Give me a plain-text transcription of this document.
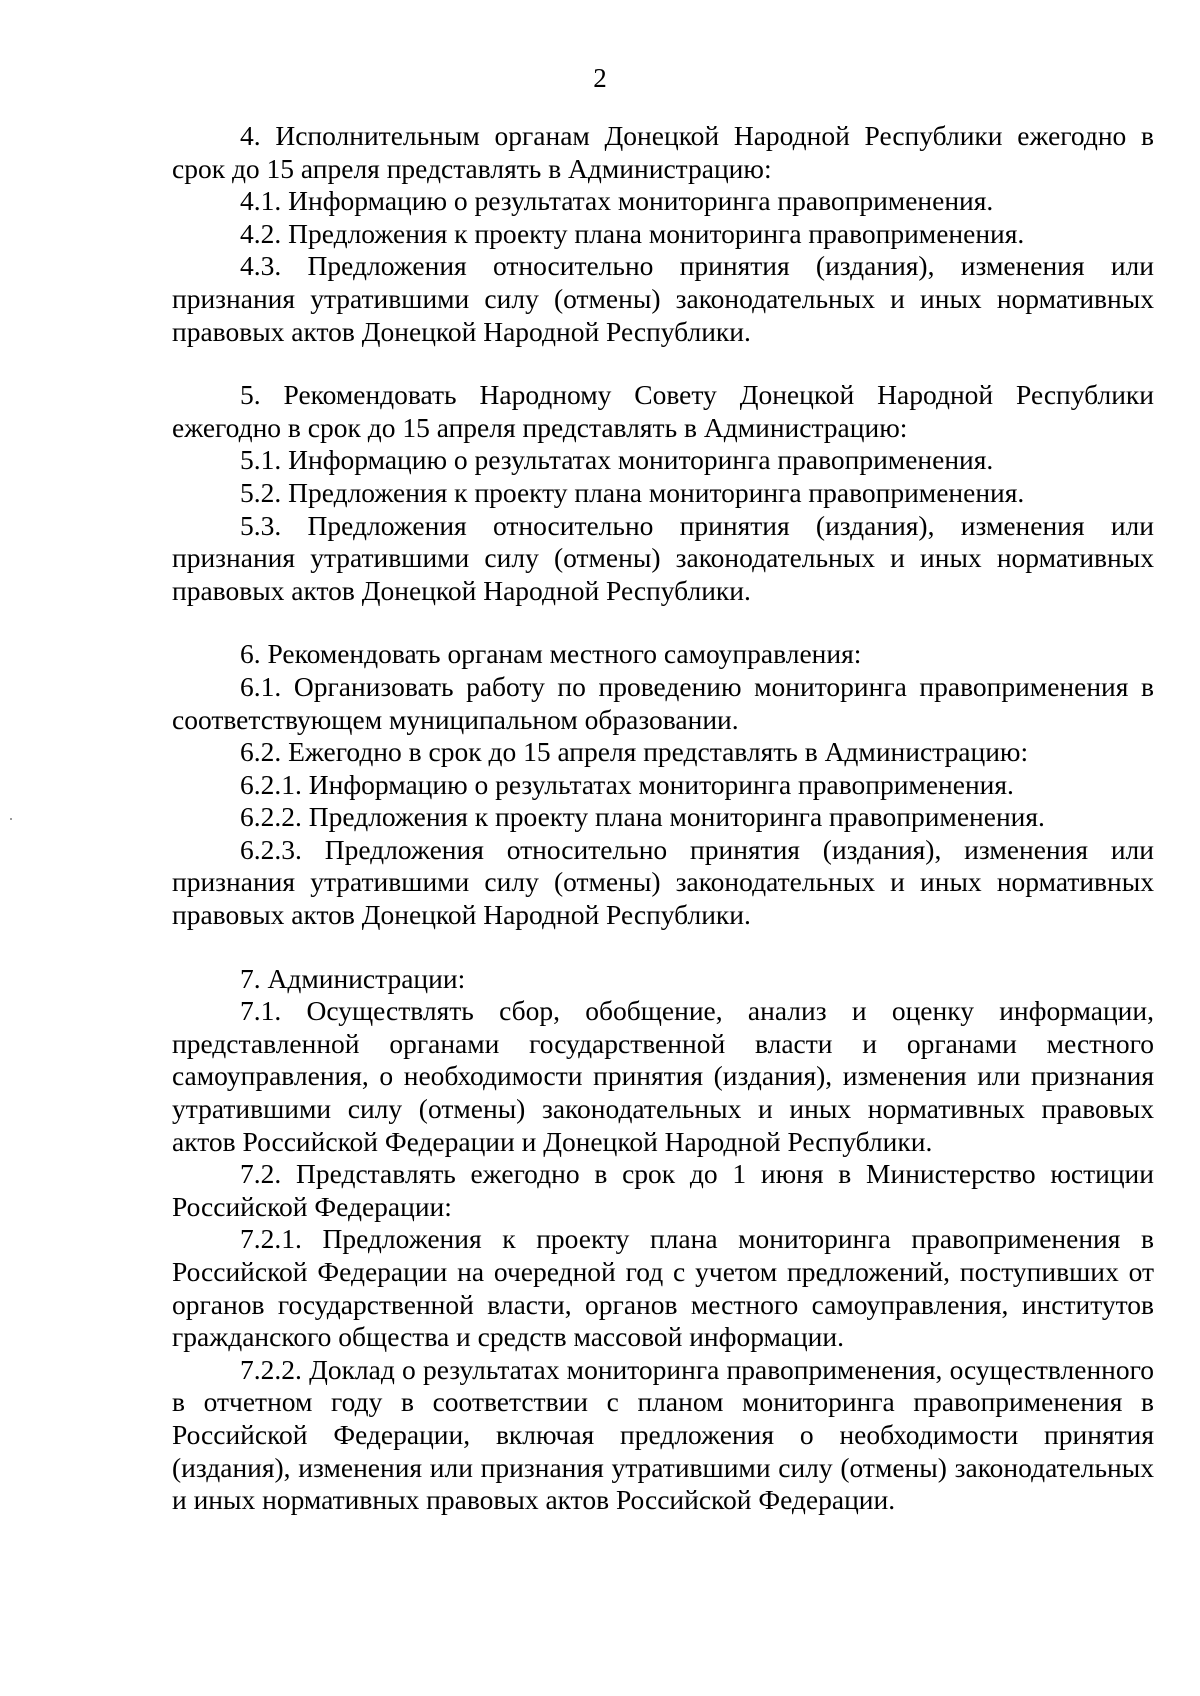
2

4. Исполнительным органам Донецкой Народной Республики ежегодно в срок до 15 апреля представлять в Администрацию:

4.1. Информацию о результатах мониторинга правоприменения.

4.2. Предложения к проекту плана мониторинга правоприменения.

4.3. Предложения относительно принятия (издания), изменения или признания утратившими силу (отмены) законодательных и иных нормативных правовых актов Донецкой Народной Республики.

5. Рекомендовать Народному Совету Донецкой Народной Республики ежегодно в срок до 15 апреля представлять в Администрацию:

5.1. Информацию о результатах мониторинга правоприменения.

5.2. Предложения к проекту плана мониторинга правоприменения.

5.3. Предложения относительно принятия (издания), изменения или признания утратившими силу (отмены) законодательных и иных нормативных правовых актов Донецкой Народной Республики.

6. Рекомендовать органам местного самоуправления:

6.1. Организовать работу по проведению мониторинга правоприменения в соответствующем муниципальном образовании.

6.2. Ежегодно в срок до 15 апреля представлять в Администрацию:

6.2.1. Информацию о результатах мониторинга правоприменения.

6.2.2. Предложения к проекту плана мониторинга правоприменения.

6.2.3. Предложения относительно принятия (издания), изменения или признания утратившими силу (отмены) законодательных и иных нормативных правовых актов Донецкой Народной Республики.

7. Администрации:

7.1. Осуществлять сбор, обобщение, анализ и оценку информации, представленной органами государственной власти и органами местного самоуправления, о необходимости принятия (издания), изменения или признания утратившими силу (отмены) законодательных и иных нормативных правовых актов Российской Федерации и Донецкой Народной Республики.

7.2. Представлять ежегодно в срок до 1 июня в Министерство юстиции Российской Федерации:

7.2.1. Предложения к проекту плана мониторинга правоприменения в Российской Федерации на очередной год с учетом предложений, поступивших от органов государственной власти, органов местного самоуправления, институтов гражданского общества и средств массовой информации.

7.2.2. Доклад о результатах мониторинга правоприменения, осуществленного в отчетном году в соответствии с планом мониторинга правоприменения в Российской Федерации, включая предложения о необходимости принятия (издания), изменения или признания утратившими силу (отмены) законодательных и иных нормативных правовых актов Российской Федерации.
